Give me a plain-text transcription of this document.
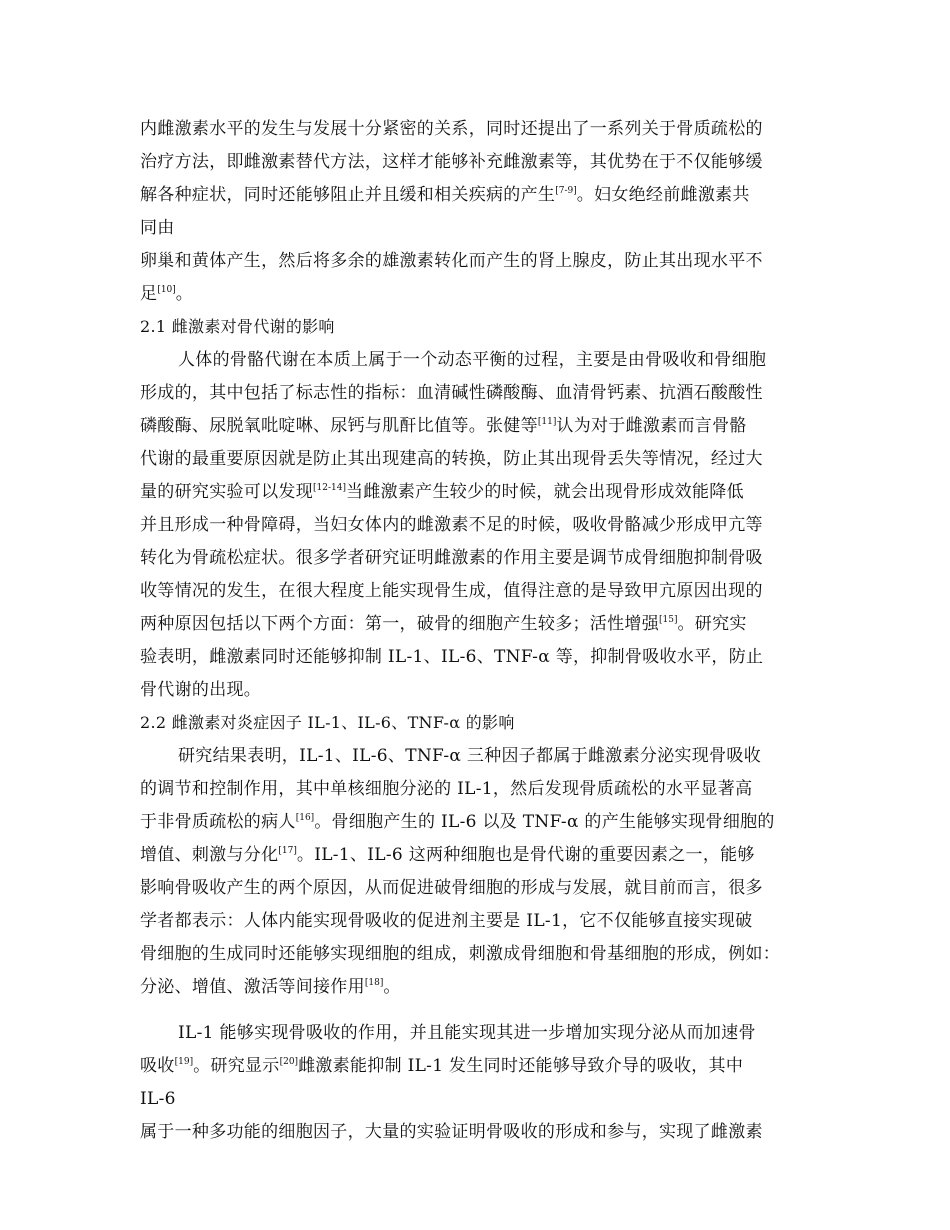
内雌激素水平的发生与发展十分紧密的关系，同时还提出了一系列关于骨质疏松的
治疗方法，即雌激素替代方法，这样才能够补充雌激素等，其优势在于不仅能够缓
解各种症状，同时还能够阻止并且缓和相关疾病的产生[7-9]。妇女绝经前雌激素共
同由
卵巢和黄体产生，然后将多余的雄激素转化而产生的肾上腺皮，防止其出现水平不
足[10]。
2.1 雌激素对骨代谢的影响
人体的骨骼代谢在本质上属于一个动态平衡的过程，主要是由骨吸收和骨细胞
形成的，其中包括了标志性的指标：血清碱性磷酸酶、血清骨钙素、抗酒石酸酸性
磷酸酶、尿脱氧吡啶啉、尿钙与肌酐比值等。张健等[11]认为对于雌激素而言骨骼
代谢的最重要原因就是防止其出现建高的转换，防止其出现骨丢失等情况，经过大
量的研究实验可以发现[12-14]当雌激素产生较少的时候，就会出现骨形成效能降低
并且形成一种骨障碍，当妇女体内的雌激素不足的时候，吸收骨骼减少形成甲亢等
转化为骨疏松症状。很多学者研究证明雌激素的作用主要是调节成骨细胞抑制骨吸
收等情况的发生，在很大程度上能实现骨生成，值得注意的是导致甲亢原因出现的
两种原因包括以下两个方面：第一，破骨的细胞产生较多；活性增强[15]。研究实
验表明，雌激素同时还能够抑制 IL-1、IL-6、TNF-α 等，抑制骨吸收水平，防止
骨代谢的出现。
2.2 雌激素对炎症因子 IL-1、IL-6、TNF-α 的影响
研究结果表明，IL-1、IL-6、TNF-α 三种因子都属于雌激素分泌实现骨吸收
的调节和控制作用，其中单核细胞分泌的 IL-1，然后发现骨质疏松的水平显著高
于非骨质疏松的病人[16]。骨细胞产生的 IL-6 以及 TNF-α 的产生能够实现骨细胞的
增值、刺激与分化[17]。IL-1、IL-6 这两种细胞也是骨代谢的重要因素之一，能够
影响骨吸收产生的两个原因，从而促进破骨细胞的形成与发展，就目前而言，很多
学者都表示：人体内能实现骨吸收的促进剂主要是 IL-1，它不仅能够直接实现破
骨细胞的生成同时还能够实现细胞的组成，刺激成骨细胞和骨基细胞的形成，例如：
分泌、增值、激活等间接作用[18]。
IL-1 能够实现骨吸收的作用，并且能实现其进一步增加实现分泌从而加速骨
吸收[19]。研究显示[20]雌激素能抑制 IL-1 发生同时还能够导致介导的吸收，其中
IL-6
属于一种多功能的细胞因子，大量的实验证明骨吸收的形成和参与，实现了雌激素
